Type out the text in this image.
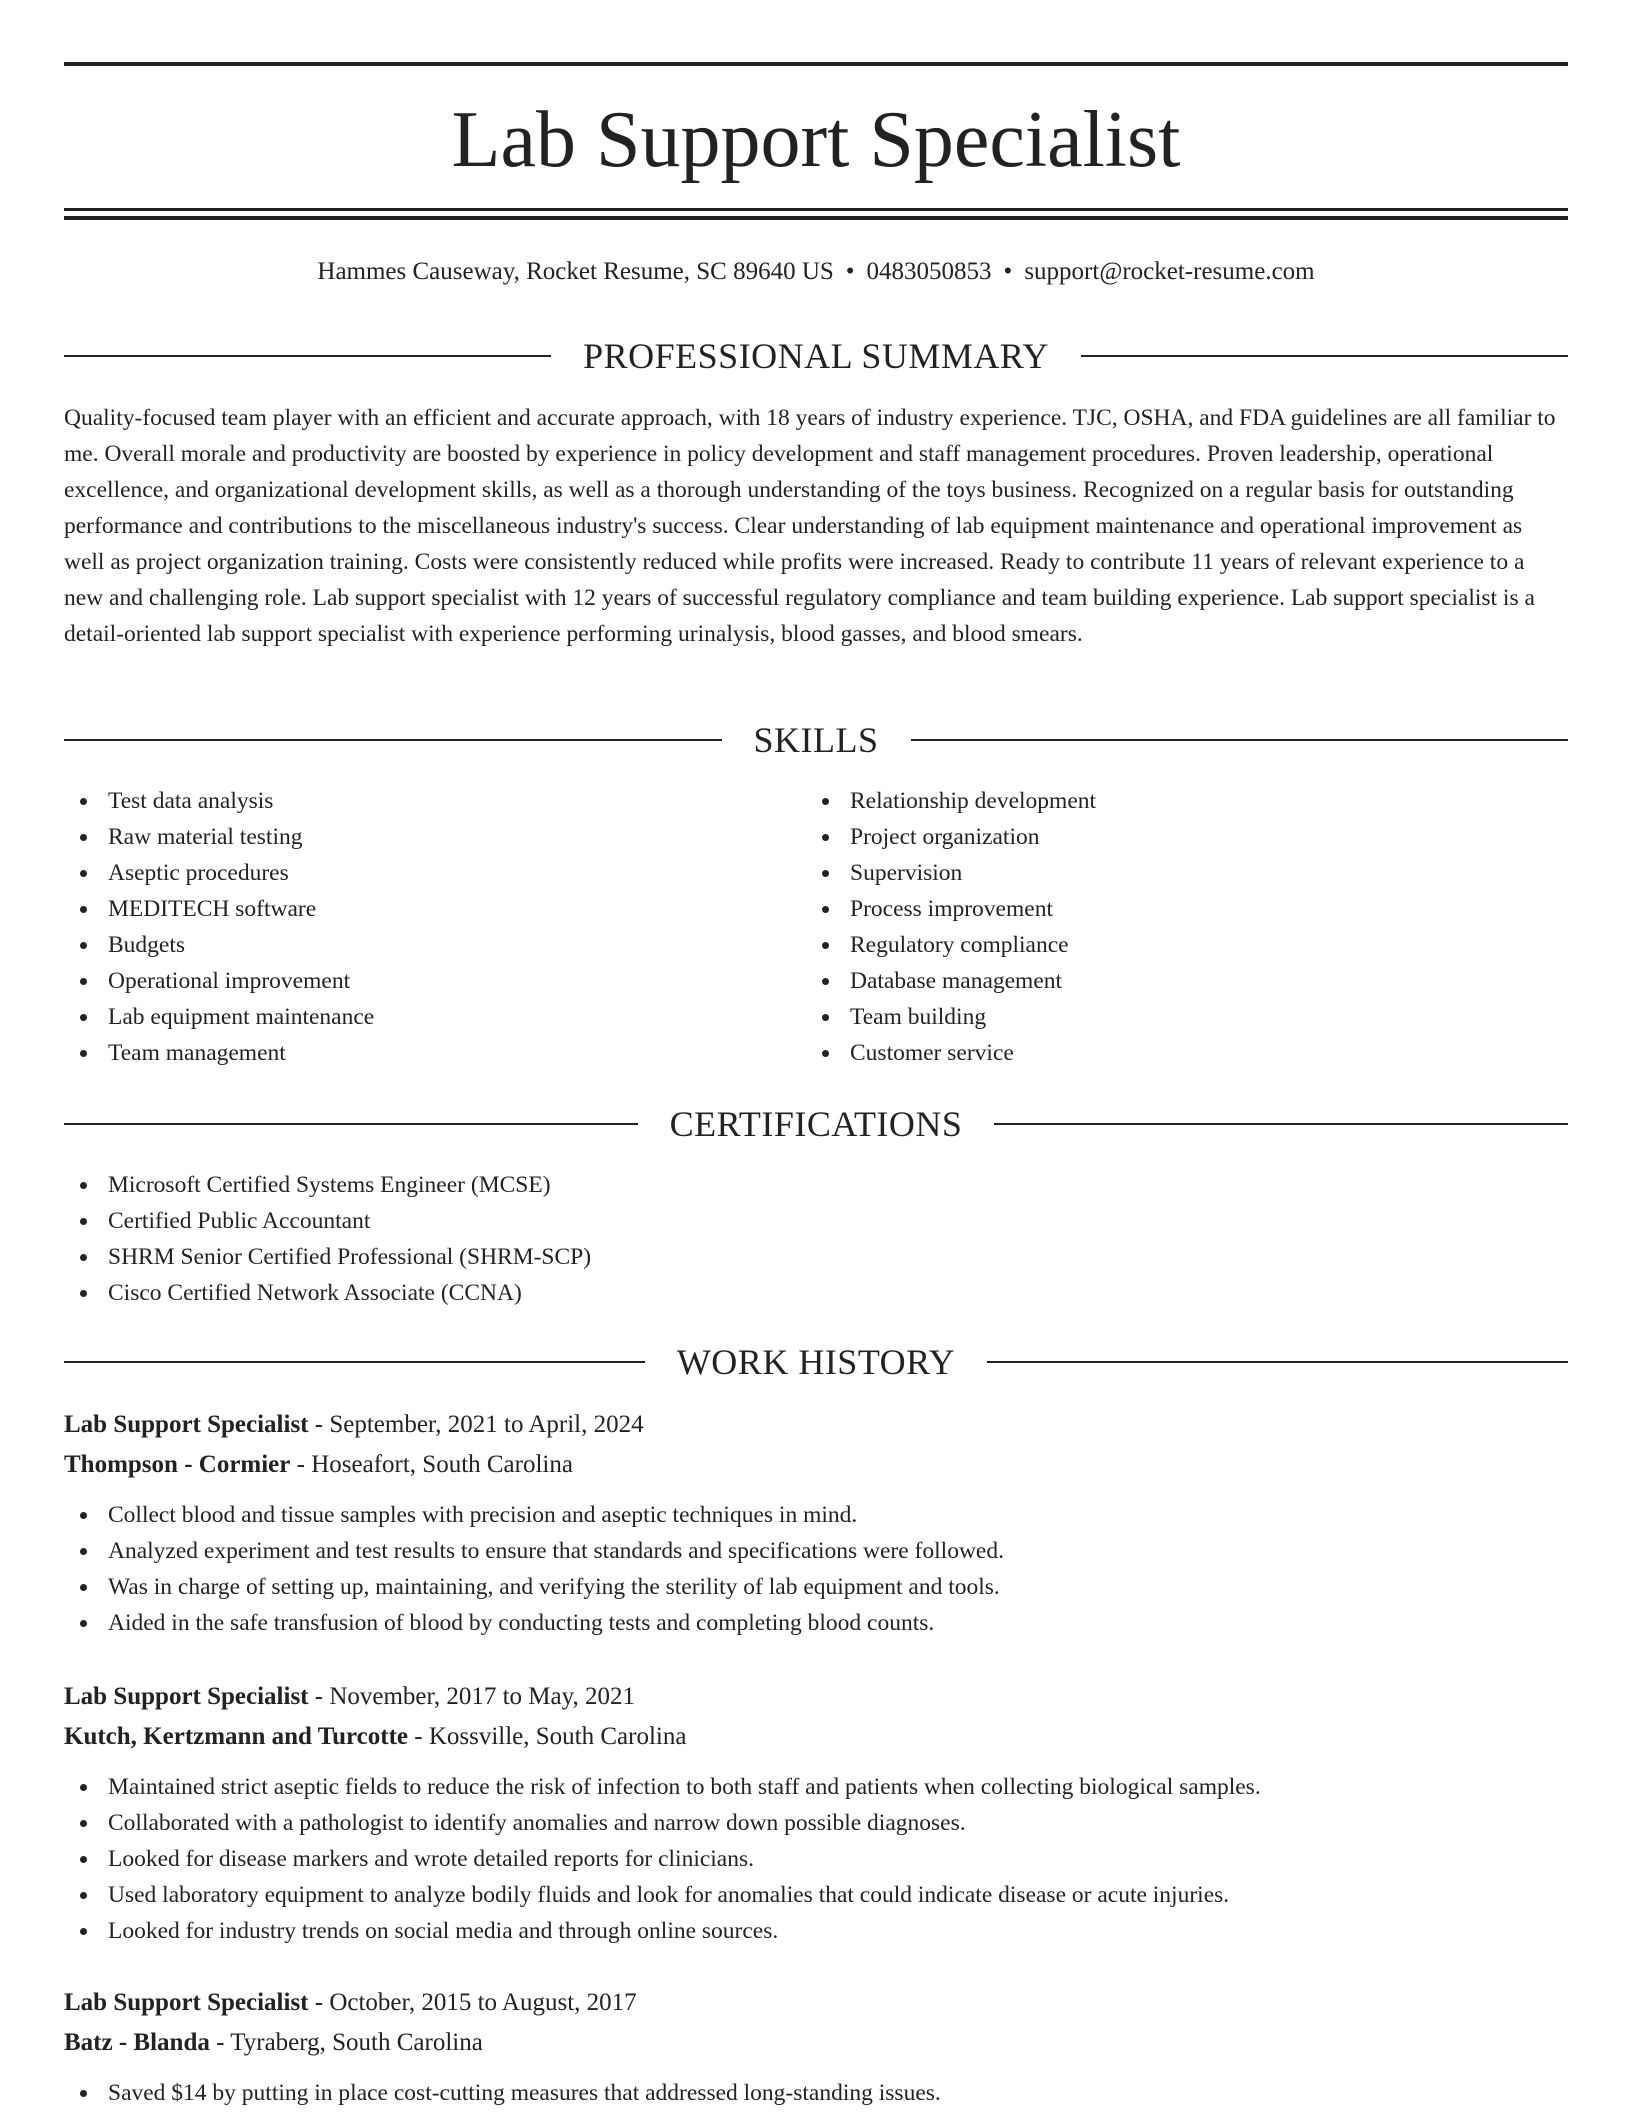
Lab Support Specialist
Hammes Causeway, Rocket Resume, SC 89640 US • 0483050853 • support@rocket-resume.com
PROFESSIONAL SUMMARY

Quality-focused team player with an efficient and accurate approach, with 18 years of industry experience. TJC, OSHA, and FDA guidelines are all familiar to me. Overall morale and productivity are boosted by experience in policy development and staff management procedures. Proven leadership, operational excellence, and organizational development skills, as well as a thorough understanding of the toys business. Recognized on a regular basis for outstanding performance and contributions to the miscellaneous industry's success. Clear understanding of lab equipment maintenance and operational improvement as well as project organization training. Costs were consistently reduced while profits were increased. Ready to contribute 11 years of relevant experience to a new and challenging role. Lab support specialist with 12 years of successful regulatory compliance and team building experience. Lab support specialist is a detail-oriented lab support specialist with experience performing urinalysis, blood gasses, and blood smears.

SKILLS
Test data analysis
Raw material testing
Aseptic procedures
MEDITECH software
Budgets
Operational improvement
Lab equipment maintenance
Team management
Relationship development
Project organization
Supervision
Process improvement
Regulatory compliance
Database management
Team building
Customer service
CERTIFICATIONS
Microsoft Certified Systems Engineer (MCSE)
Certified Public Accountant
SHRM Senior Certified Professional (SHRM-SCP)
Cisco Certified Network Associate (CCNA)
WORK HISTORY
Lab Support Specialist - September, 2021 to April, 2024
Thompson - Cormier - Hoseafort, South Carolina
Collect blood and tissue samples with precision and aseptic techniques in mind.
Analyzed experiment and test results to ensure that standards and specifications were followed.
Was in charge of setting up, maintaining, and verifying the sterility of lab equipment and tools.
Aided in the safe transfusion of blood by conducting tests and completing blood counts.
Lab Support Specialist - November, 2017 to May, 2021
Kutch, Kertzmann and Turcotte - Kossville, South Carolina
Maintained strict aseptic fields to reduce the risk of infection to both staff and patients when collecting biological samples.
Collaborated with a pathologist to identify anomalies and narrow down possible diagnoses.
Looked for disease markers and wrote detailed reports for clinicians.
Used laboratory equipment to analyze bodily fluids and look for anomalies that could indicate disease or acute injuries.
Looked for industry trends on social media and through online sources.
Lab Support Specialist - October, 2015 to August, 2017
Batz - Blanda - Tyraberg, South Carolina
Saved $14 by putting in place cost-cutting measures that addressed long-standing issues.
